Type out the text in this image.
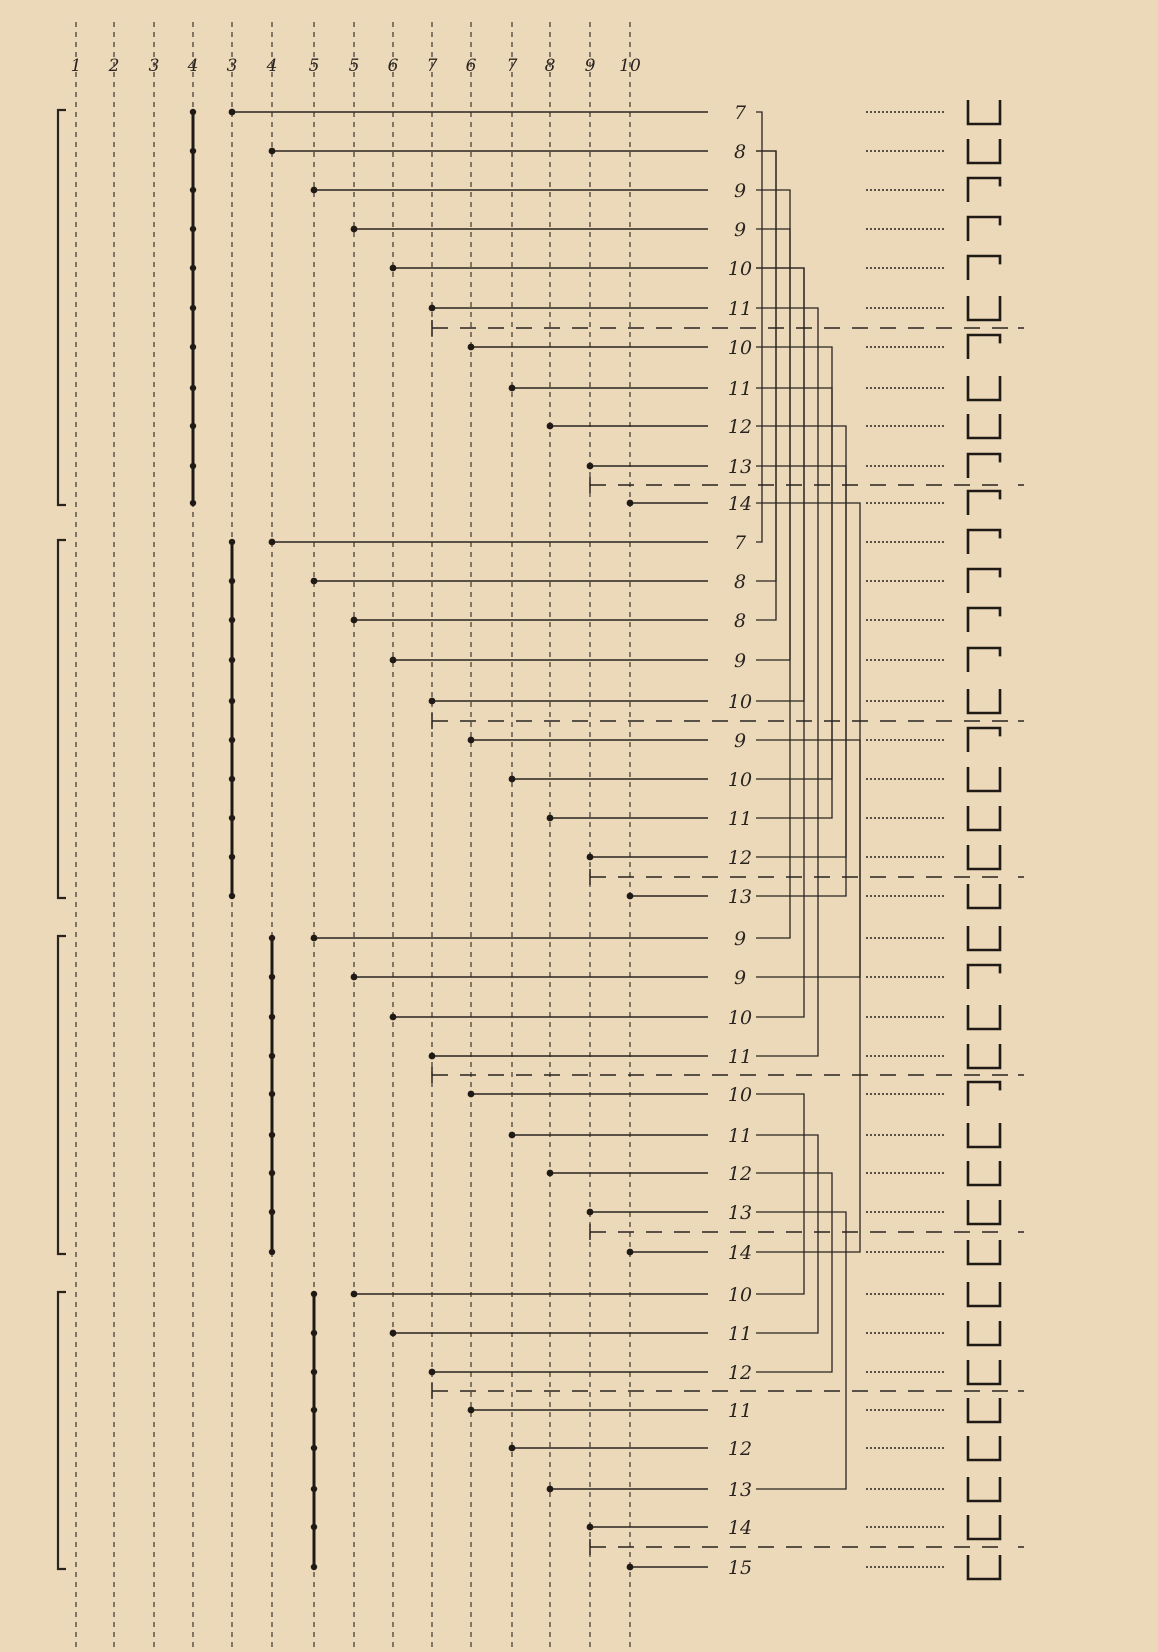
1 2 3 4 3 4 5 5 6 7 6 7 8 9 10
7
8
9
9
10
11
10
11
12
13
14
7
8
8
9
10
9
10
11
12
13
9
9
10
11
10
11
12
13
14
10
11
12
11
12
13
14
15
